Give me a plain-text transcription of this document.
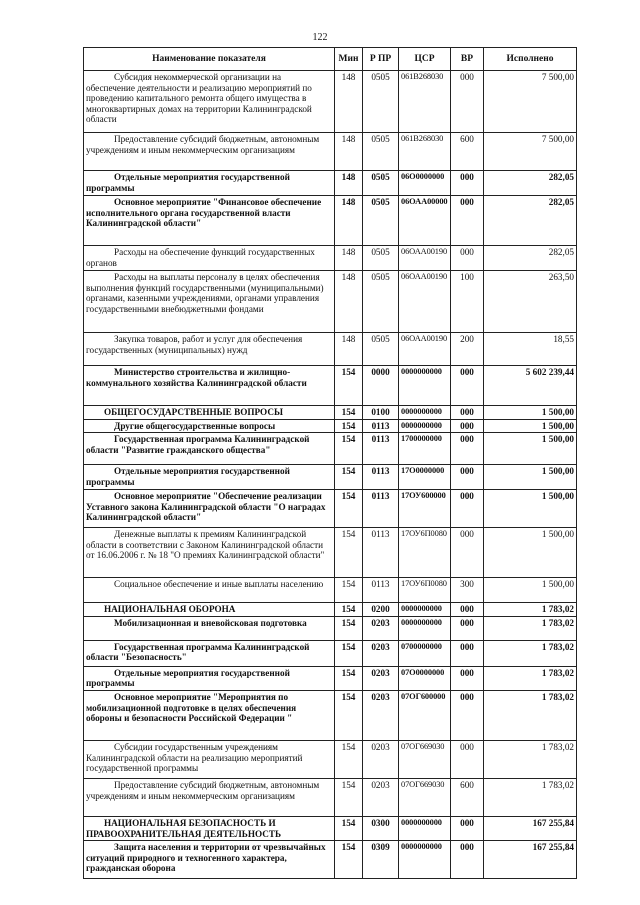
122
Наименование показателя	Мин	Р ПР	ЦСР	ВР	Исполнено
Субсидия некоммерческой организации на обеспечение деятельности и реализацию мероприятий по проведению капитального ремонта общего имущества в многоквартирных домах на территории Калининградской области	148	0505	061В268030	000	7 500,00
Предоставление субсидий бюджетным, автономным учреждениям и иным некоммерческим организациям	148	0505	061В268030	600	7 500,00
Отдельные мероприятия государственной программы	148	0505	06О0000000	000	282,05
Основное мероприятие "Финансовое обеспечение исполнительного органа государственной власти Калининградской области"	148	0505	06ОАА00000	000	282,05
Расходы на обеспечение функций государственных органов	148	0505	06ОАА00190	000	282,05
Расходы на выплаты персоналу в целях обеспечения выполнения функций государственными (муниципальными) органами, казенными учреждениями, органами управления государственными внебюджетными фондами	148	0505	06ОАА00190	100	263,50
Закупка товаров, работ и услуг для обеспечения государственных (муниципальных) нужд	148	0505	06ОАА00190	200	18,55
Министерство строительства и жилищно-коммунального хозяйства Калининградской области	154	0000	0000000000	000	5 602 239,44
ОБЩЕГОСУДАРСТВЕННЫЕ ВОПРОСЫ	154	0100	0000000000	000	1 500,00
Другие общегосударственные вопросы	154	0113	0000000000	000	1 500,00
Государственная программа Калининградской области "Развитие гражданского общества"	154	0113	1700000000	000	1 500,00
Отдельные мероприятия государственной программы	154	0113	17О0000000	000	1 500,00
Основное мероприятие "Обеспечение реализации Уставного закона Калининградской области "О наградах Калининградской области"	154	0113	17ОУ600000	000	1 500,00
Денежные выплаты к премиям Калининградской области в соответствии с Законом Калининградской области от 16.06.2006 г. № 18 "О премиях Калининградской области"	154	0113	17ОУ6П0080	000	1 500,00
Социальное обеспечение и иные выплаты населению	154	0113	17ОУ6П0080	300	1 500,00
НАЦИОНАЛЬНАЯ ОБОРОНА	154	0200	0000000000	000	1 783,02
Мобилизационная и вневойсковая подготовка	154	0203	0000000000	000	1 783,02
Государственная программа Калининградской области "Безопасность"	154	0203	0700000000	000	1 783,02
Отдельные мероприятия государственной программы	154	0203	07О0000000	000	1 783,02
Основное мероприятие "Мероприятия по мобилизационной подготовке в целях обеспечения обороны и безопасности Российской Федерации "	154	0203	07ОГ600000	000	1 783,02
Субсидии государственным учреждениям Калининградской области на реализацию мероприятий государственной программы	154	0203	07ОГ669030	000	1 783,02
Предоставление субсидий бюджетным, автономным учреждениям и иным некоммерческим организациям	154	0203	07ОГ669030	600	1 783,02
НАЦИОНАЛЬНАЯ БЕЗОПАСНОСТЬ И ПРАВООХРАНИТЕЛЬНАЯ ДЕЯТЕЛЬНОСТЬ	154	0300	0000000000	000	167 255,84
Защита населения и территории от чрезвычайных ситуаций природного и техногенного характера, гражданская оборона	154	0309	0000000000	000	167 255,84
